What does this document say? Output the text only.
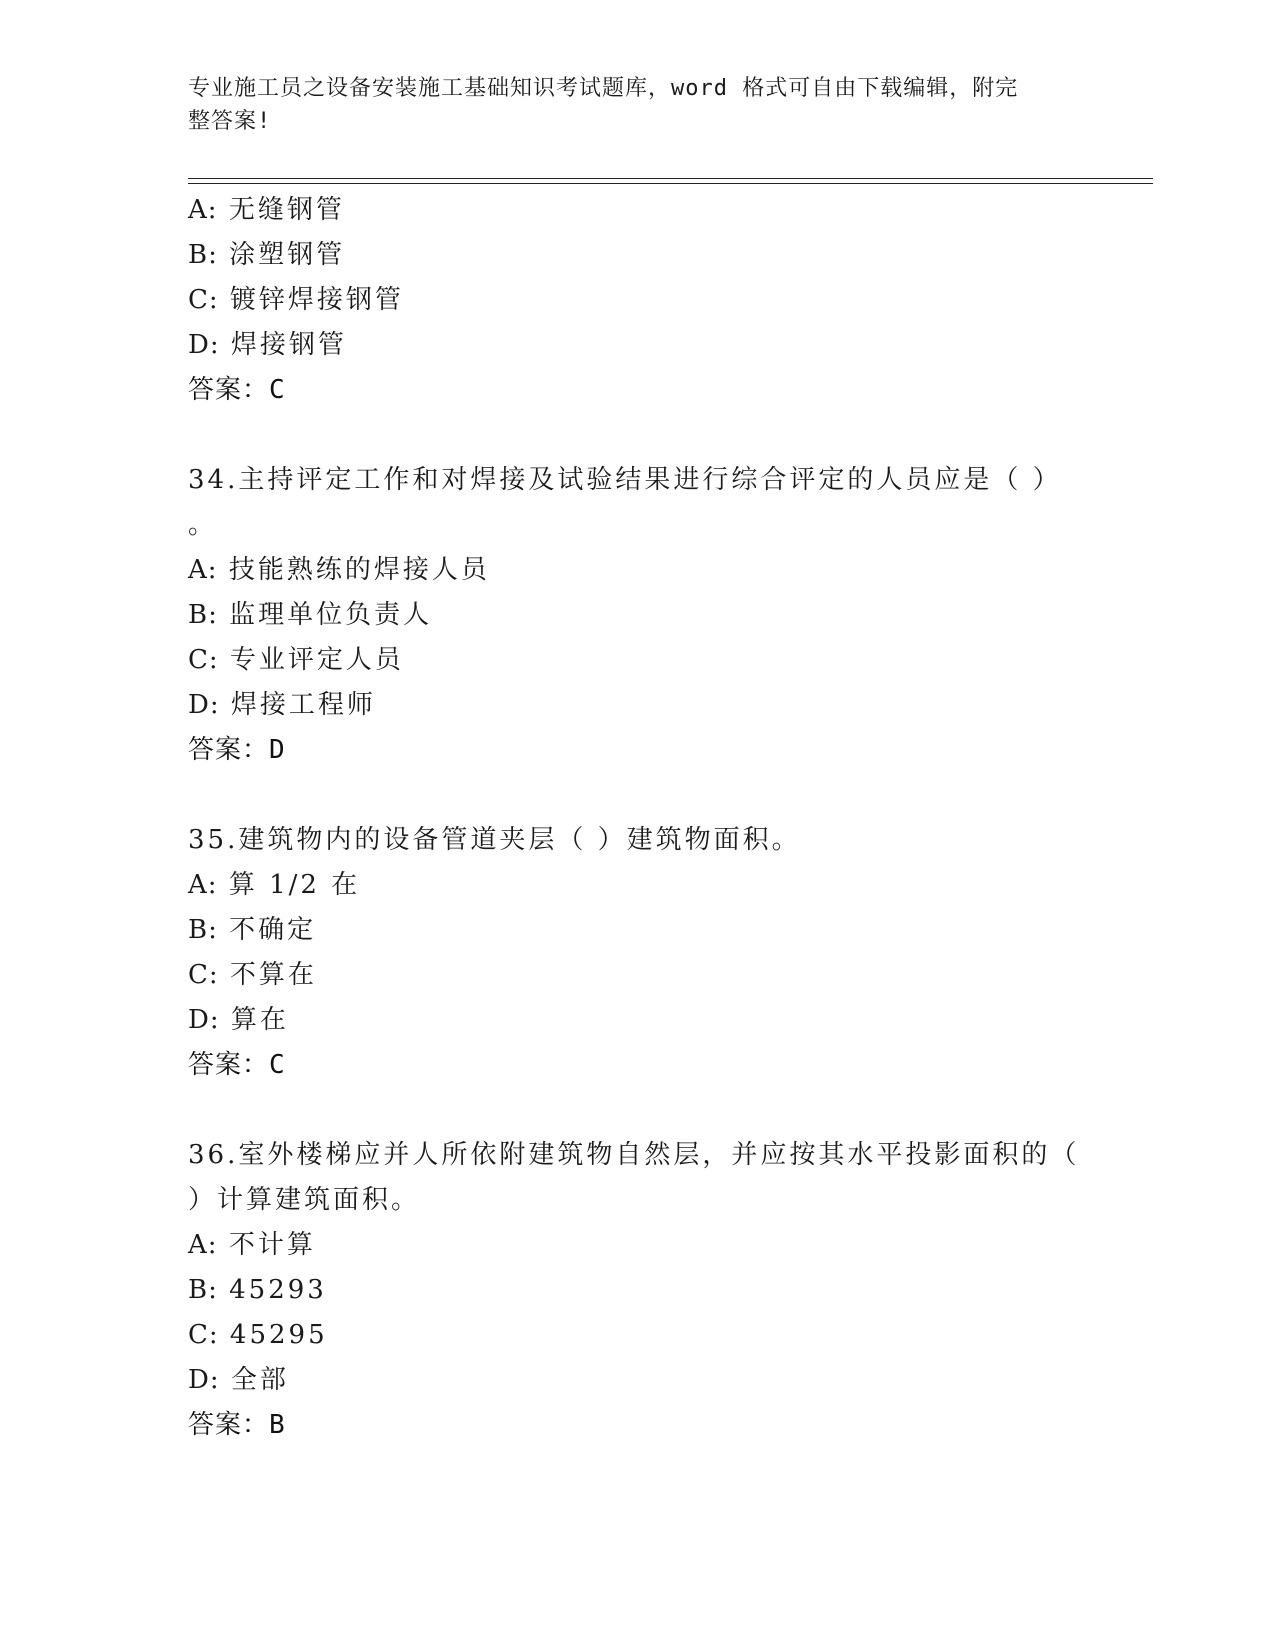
专业施工员之设备安装施工基础知识考试题库，word 格式可自由下载编辑，附完
整答案!
A: 无缝钢管
B: 涂塑钢管
C: 镀锌焊接钢管
D: 焊接钢管
答案：C
34.主持评定工作和对焊接及试验结果进行综合评定的人员应是（ ）
。
A: 技能熟练的焊接人员
B: 监理单位负责人
C: 专业评定人员
D: 焊接工程师
答案：D
35.建筑物内的设备管道夹层（ ）建筑物面积。
A: 算 1/2 在
B: 不确定
C: 不算在
D: 算在
答案：C
36.室外楼梯应并人所依附建筑物自然层，并应按其水平投影面积的（
）计算建筑面积。
A: 不计算
B: 45293
C: 45295
D: 全部
答案：B
